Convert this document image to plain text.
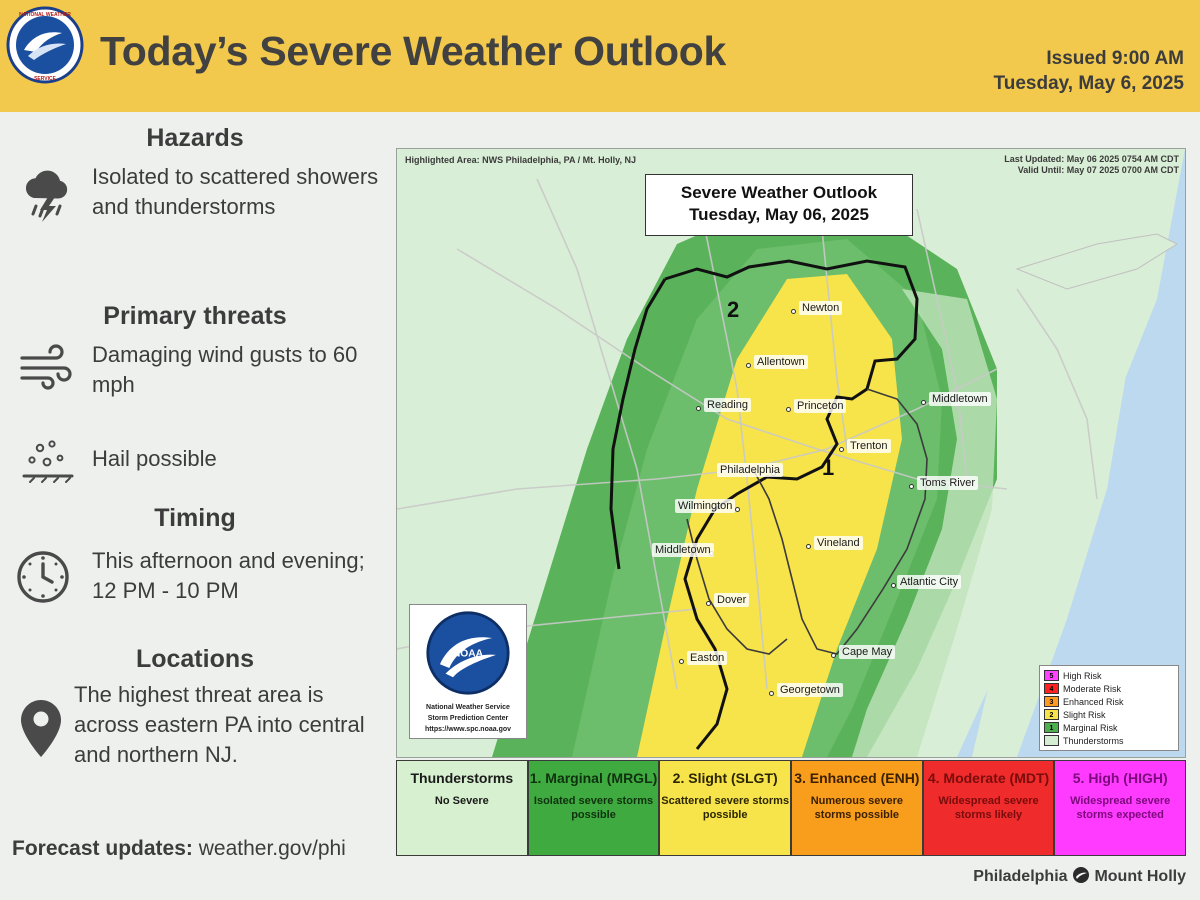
NATIONAL WEATHER
SERVICE
Today’s Severe Weather Outlook	Issued 9:00 AM
Tuesday, May 6, 2025
Hazards
Isolated to scattered showers and thunderstorms
Primary threats
Damaging wind gusts to 60 mph
Hail possible
Timing
This afternoon and evening; 12 PM - 10 PM
Locations
The highest threat area is across eastern PA into central and northern NJ.
Forecast updates: weather.gov/phi
Highlighted Area: NWS Philadelphia, PA / Mt. Holly, NJ	Last Updated: May 06 2025 0754 AM CDT
Valid Until: May 07 2025 0700 AM CDT
Severe Weather Outlook
Tuesday, May 06, 2025
2
1
Newton
Allentown
Reading	Princeton
Middletown
Trenton
Philadelphia
Toms River
Wilmington
Vineland
Middletown
Atlantic City
Dover
Cape May
Easton
Georgetown
NOAA
National Weather Service
Storm Prediction Center
https://www.spc.noaa.gov
5	High Risk
4	Moderate Risk
3	Enhanced Risk
2	Slight Risk
1	Marginal Risk
Thunderstorms
Thunderstorms
No Severe
1. Marginal (MRGL)
Isolated severe storms possible
2. Slight (SLGT)
Scattered severe storms possible
3. Enhanced (ENH)
Numerous severe storms possible
4. Moderate (MDT)
Widespread severe storms likely
5. High (HIGH)
Widespread severe storms expected
Philadelphia Mount Holly
